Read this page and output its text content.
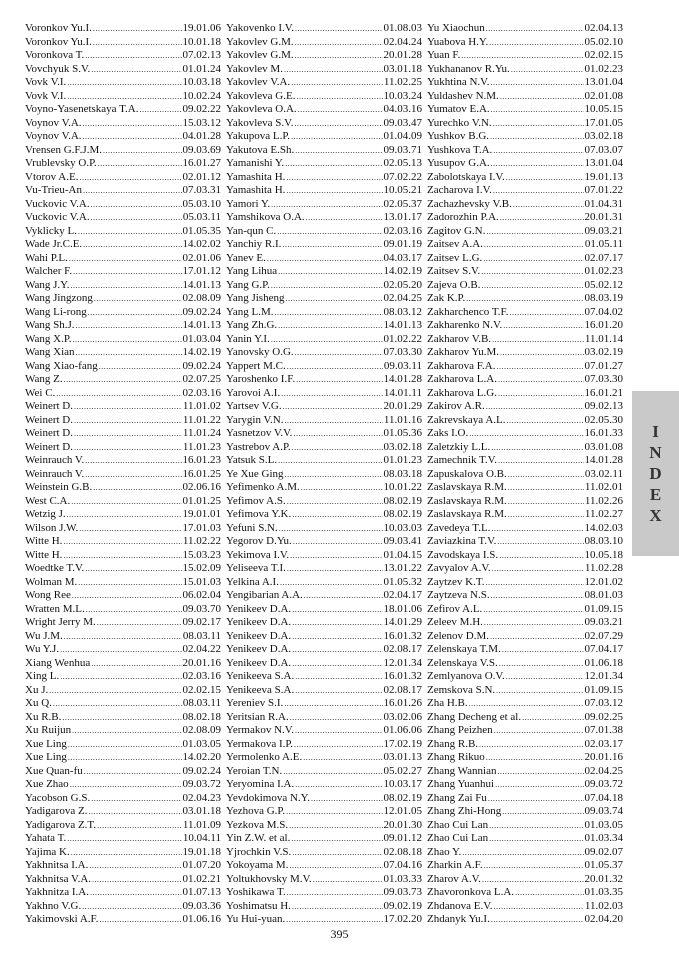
Voronkov Yu.I. .....	19.01.06
Voronkov Yu.I. .....	10.01.18
Voronkova T. .....	07.02.13
Vovchyuk S.V. .....	01.01.24
Vovk V.I. .....	10.03.18
Vovk V.I. .....	10.02.24
Voyno-Yasenetskaya T.A. .....	09.02.22
Voynov V.A. .....	15.03.12
Voynov V.A. .....	04.01.28
Vrensen G.F.J.M. .....	09.03.69
Vrublevsky O.P. .....	16.01.27
Vtorov A.E. .....	02.01.12
Vu-Trieu-An .....	07.03.31
Vuckovic V.A. .....	05.03.10
Vuckovic V.A. .....	05.03.11
Vyklicky L. .....	01.05.35
Wade Jr.C.E. .....	14.02.02
Wahi P.L. .....	02.01.06
Walcher F. .....	17.01.12
Wang J.Y. .....	14.01.13
Wang Jingzong .....	02.08.09
Wang Li-rong .....	09.02.24
Wang Sh.J. .....	14.01.13
Wang X.P. .....	01.03.04
Wang Xian .....	14.02.19
Wang Xiao-fang .....	09.02.24
Wang Z. .....	02.07.25
Wei C. .....	02.03.16
Weinert D. .....	11.01.02
Weinert D. .....	11.01.22
Weinert D. .....	11.01.24
Weinert D. .....	11.01.23
Weinrauch V. .....	16.01.23
Weinrauch V. .....	16.01.25
Weinstein G.B. .....	02.06.16
West C.A. .....	01.01.25
Wetzig J. .....	19.01.01
Wilson J.W. .....	17.01.03
Witte H. .....	11.02.22
Witte H. .....	15.03.23
Woedtke T.V. .....	15.02.09
Wolman M. .....	15.01.03
Wong Ree .....	06.02.04
Wratten M.L. .....	09.03.70
Wright Jerry M. .....	09.02.17
Wu J.M. .....	08.03.11
Wu Y.J. .....	02.04.22
Xiang Wenhua .....	20.01.16
Xing L. .....	02.03.16
Xu J. .....	02.02.15
Xu Q. .....	08.03.11
Xu R.B. .....	08.02.18
Xu Ruijun .....	02.08.09
Xue Ling .....	01.03.05
Xue Ling .....	14.02.20
Xue Quan-fu .....	09.02.24
Xue Zhao .....	09.03.72
Yacobson G.S. .....	02.04.23
Yadigarova Z. .....	03.01.18
Yadigarova Z.T. .....	11.01.09
Yahata T. .....	10.04.11
Yajima K. .....	19.01.18
Yakhnitsa I.A. .....	01.07.20
Yakhnitsa V.A. .....	01.02.21
Yakhnitza I.A. .....	01.07.13
Yakhno V.G. .....	09.03.36
Yakimovski A.F. .....	01.06.16
Yakovenko I.V. .....	01.08.03
Yakovlev G.M. .....	02.04.24
Yakovlev G.M. .....	20.01.28
Yakovlev M. .....	03.01.18
Yakovlev V.A. .....	11.02.25
Yakovleva G.E. .....	10.03.24
Yakovleva O.A. .....	04.03.16
Yakovleva S.V. .....	09.03.47
Yakupova L.P. .....	01.04.09
Yakutova E.Sh. .....	09.03.71
Yamanishi Y. .....	02.05.13
Yamashita H. .....	07.02.22
Yamashita H. .....	10.05.21
Yamori Y. .....	02.05.37
Yamshikova O.A. .....	13.01.17
Yan-qun C. .....	02.03.16
Yanchiy R.I. .....	09.01.19
Yanev E. .....	04.03.17
Yang Lihua .....	14.02.19
Yang G.P. .....	02.05.20
Yang Jisheng .....	02.04.25
Yang L.M. .....	08.03.12
Yang Zh.G. .....	14.01.13
Yanin Y.I. .....	01.02.22
Yanovsky O.G. .....	07.03.30
Yappert M.C. .....	09.03.11
Yaroshenko I.F. .....	14.01.28
Yarovoi A.I. .....	14.01.11
Yartsev V.G. .....	20.01.29
Yarygin V.N. .....	11.01.16
Yasnetzov V.V. .....	01.05.36
Yastrebov A.P. .....	03.02.18
Yatsuk S.L. .....	01.01.23
Ye Xue Ging .....	08.03.18
Yefimenko A.M. .....	10.01.22
Yefimov A.S. .....	08.02.19
Yefimova Y.K. .....	08.02.19
Yefuni S.N. .....	10.03.03
Yegorov D.Yu. .....	09.03.41
Yekimova I.V. .....	01.04.15
Yeliseeva T.I. .....	13.01.22
Yelkina A.I. .....	01.05.32
Yengibarian A.A. .....	02.04.17
Yenikeev D.A. .....	18.01.06
Yenikeev D.A. .....	14.01.29
Yenikeev D.A. .....	16.01.32
Yenikeev D.A. .....	02.08.17
Yenikeev D.A. .....	12.01.34
Yenikeeva S.A. .....	16.01.32
Yenikeeva S.A. .....	02.08.17
Yereniev S.I. .....	16.01.26
Yeritsian R.A. .....	03.02.06
Yermakov N.V. .....	01.06.06
Yermakova I.P. .....	17.02.19
Yermolenko A.E. .....	03.01.13
Yeroian T.N. .....	05.02.27
Yeryomina I.A. .....	10.03.17
Yevdokimova N.Y. .....	08.02.19
Yezhova G.P. .....	12.01.05
Yezkova M.S. .....	20.01.30
Yin Z.W. et al. .....	09.01.12
Yjrochkin V.S. .....	02.08.18
Yokoyama M. .....	07.04.16
Yoltukhovsky M.V. .....	01.03.33
Yoshikawa T. .....	09.03.73
Yoshimatsu H. .....	09.02.19
Yu Hui-yuan. .....	17.02.20
Yu Xiaochun .....	02.04.13
Yuabova H.Y. .....	05.02.10
Yuan F. .....	02.02.15
Yukhananov R.Yu. .....	01.02.23
Yukhtina N.V. .....	13.01.04
Yuldashev N.M. .....	02.01.08
Yumatov E.A. .....	10.05.15
Yurechko V.N. .....	17.01.05
Yushkov B.G. .....	03.02.18
Yushkova T.A. .....	07.03.07
Yusupov G.A. .....	13.01.04
Zabolotskaya I.V. .....	19.01.13
Zacharova I.V. .....	07.01.22
Zachazhevsky V.B. .....	01.04.31
Zadorozhin P.A. .....	20.01.31
Zagitov G.N. .....	09.03.21
Zaitsev A.A. .....	01.05.11
Zaitsev L.G. .....	02.07.17
Zaitsev S.V. .....	01.02.23
Zajeva O.B. .....	05.02.12
Zak K.P. .....	08.03.19
Zakharchenco T.F. .....	07.04.02
Zakharenko N.V. .....	16.01.20
Zakharov V.B. .....	11.01.14
Zakharov Yu.M. .....	03.02.19
Zakharova F.A. .....	07.01.27
Zakharova L.A. .....	07.03.30
Zakharova L.G. .....	16.01.21
Zakirov A.R. .....	09.02.13
Zakrevskaya A.L. .....	02.05.30
Zaks I.O. .....	16.01.33
Zaletzkiy L.L. .....	03.01.08
Zamechnik T.V. .....	14.01.28
Zapuskalova O.B. .....	03.02.11
Zaslavskaya R.M. .....	11.02.01
Zaslavskaya R.M. .....	11.02.26
Zaslavskaya R.M. .....	11.02.27
Zavedeya T.L. .....	14.02.03
Zaviazkina T.V. .....	08.03.10
Zavodskaya I.S. .....	10.05.18
Zavyalov A.V. .....	11.02.28
Zaytzev K.T. .....	12.01.02
Zaytzeva N.S. .....	08.01.03
Zefirov A.L. .....	01.09.15
Zeleev M.H. .....	09.03.21
Zelenov D.M. .....	02.07.29
Zelenskaya T.M. .....	07.04.17
Zelenskaya V.S. .....	01.06.18
Zemlyanova O.V. .....	12.01.34
Zemskova S.N. .....	01.09.15
Zha H.B. .....	07.03.12
Zhang Decheng et al. .....	09.02.25
Zhang Peizhen .....	07.01.38
Zhang R.B. .....	02.03.17
Zhang Rikuo .....	20.01.16
Zhang Wannian .....	02.04.25
Zhang Yuanhui .....	09.03.72
Zhang Zai Fu .....	07.04.18
Zhang Zhi-Hong .....	09.03.74
Zhao Cui Lan .....	01.03.05
Zhao Cui Lan .....	01.03.34
Zhao Y. .....	09.02.07
Zharkin A.F. .....	01.05.37
Zharov A.V. .....	20.01.32
Zhavoronkova L.A. .....	01.03.35
Zhdanova E.V. .....	11.02.03
Zhdanyk Yu.I. .....	02.04.20
I
N
D
E
X
395
